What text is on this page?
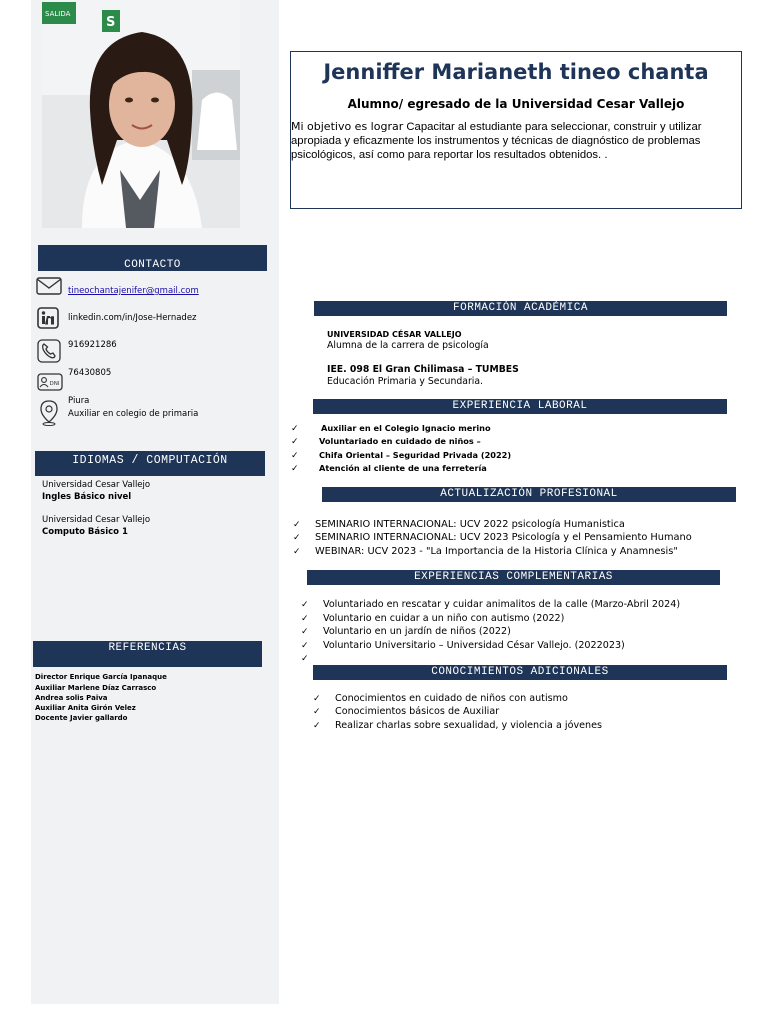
SALIDA
S
CONTACTO
tineochantajenifer@gmail.com
linkedin.com/in/Jose-Hernadez
916921286
DNI
76430805
Piura
Auxiliar en colegio de primaria
IDIOMAS / COMPUTACIÓN
Universidad Cesar Vallejo
Ingles Básico nivel
Universidad Cesar Vallejo
Computo Básico 1
REFERENCIAS
Director Enrique García Ipanaque
Auxiliar Marlene Díaz Carrasco
Andrea solis Paiva
Auxiliar Anita Girón Velez
Docente Javier gallardo
Jenniffer Marianeth tineo chanta
Alumno/ egresado de la Universidad Cesar Vallejo
Mi objetivo es lograr Capacitar al estudiante para seleccionar, construir y utilizar apropiada y eficazmente los instrumentos y técnicas de diagnóstico de problemas psicológicos, así como para reportar los resultados obtenidos. .
FORMACIÓN ACADÉMICA
UNIVERSIDAD CÉSAR VALLEJO
Alumna de la carrera de psicología
IEE. 098 El Gran Chilimasa – TUMBES
Educación Primaria y Secundaria.
EXPERIENCIA LABORAL
✓	Auxiliar en el Colegio Ignacio merino
✓ Voluntariado en cuidado de niños –
✓ Chifa Oriental – Seguridad Privada (2022)
✓ Atención al cliente de una ferretería
ACTUALIZACIÓN PROFESIONAL
✓ SEMINARIO INTERNACIONAL: UCV 2022 psicología Humanistica
✓ SEMINARIO INTERNACIONAL: UCV 2023 Psicología y el Pensamiento Humano
✓ WEBINAR: UCV 2023 - "La Importancia de la Historia Clínica y Anamnesis"
EXPERIENCIAS COMPLEMENTARIAS
✓ Voluntariado en rescatar y cuidar animalitos de la calle (Marzo-Abril 2024)
✓ Voluntario en cuidar a un niño con autismo (2022)
✓ Voluntario en un jardín de niños (2022)
✓ Voluntario Universitario – Universidad César Vallejo. (2022023)
✓
CONOCIMIENTOS ADICIONALES
✓ Conocimientos en cuidado de niños con autismo
✓ Conocimientos básicos de Auxiliar
✓ Realizar charlas sobre sexualidad, y violencia a jóvenes
